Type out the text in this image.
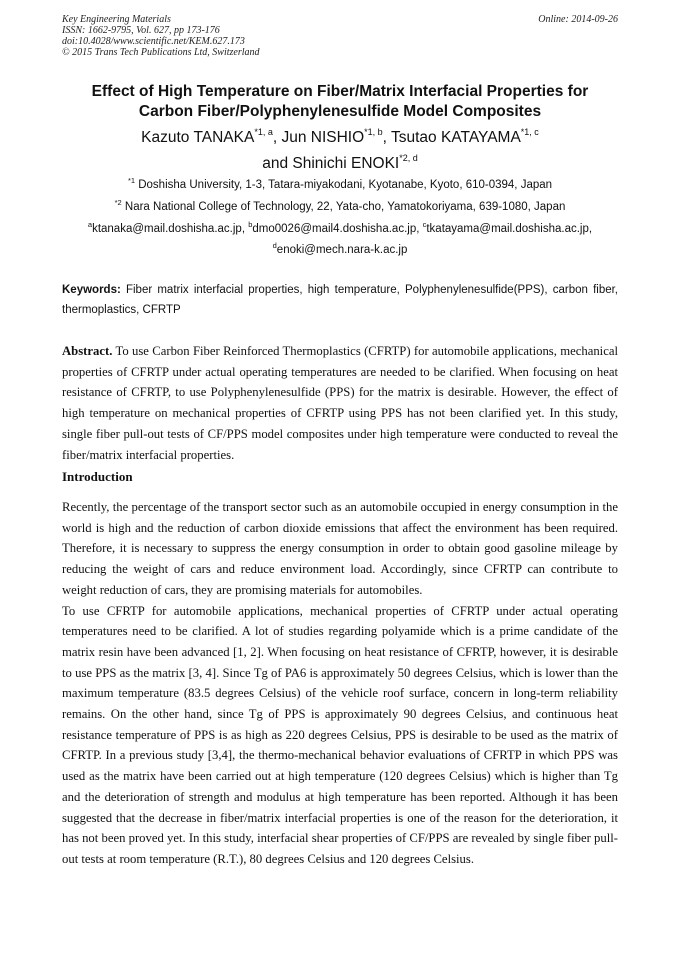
Key Engineering Materials
ISSN: 1662-9795, Vol. 627, pp 173-176
doi:10.4028/www.scientific.net/KEM.627.173
© 2015 Trans Tech Publications Ltd, Switzerland
Online: 2014-09-26
Effect of High Temperature on Fiber/Matrix Interfacial Properties for
Carbon Fiber/Polyphenylenesulfide Model Composites
Kazuto TANAKA$^{*1, a}$, Jun NISHIO$^{*1, b}$, Tsutao KATAYAMA$^{*1, c}$
and Shinichi ENOKI$^{*2, d}$
$^{*1}$ Doshisha University, 1-3, Tatara-miyakodani, Kyotanabe, Kyoto, 610-0394, Japan
$^{*2}$ Nara National College of Technology, 22, Yata-cho, Yamatokoriyama, 639-1080, Japan
$^a$ktanaka@mail.doshisha.ac.jp, $^b$dmo0026@mail4.doshisha.ac.jp, $^c$tkatayama@mail.doshisha.ac.jp,
$^d$enoki@mech.nara-k.ac.jp
Keywords: Fiber matrix interfacial properties, high temperature, Polyphenylenesulfide(PPS), carbon fiber, thermoplastics, CFRTP

Abstract. To use Carbon Fiber Reinforced Thermoplastics (CFRTP) for automobile applications, mechanical properties of CFRTP under actual operating temperatures are needed to be clarified. When focusing on heat resistance of CFRTP, to use Polyphenylenesulfide (PPS) for the matrix is desirable. However, the effect of high temperature on mechanical properties of CFRTP using PPS has not been clarified yet. In this study, single fiber pull-out tests of CF/PPS model composites under high temperature were conducted to reveal the fiber/matrix interfacial properties.

Introduction

Recently, the percentage of the transport sector such as an automobile occupied in energy consumption in the world is high and the reduction of carbon dioxide emissions that affect the environment has been required. Therefore, it is necessary to suppress the energy consumption in order to obtain good gasoline mileage by reducing the weight of cars and reduce environment load. Accordingly, since CFRTP can contribute to weight reduction of cars, they are promising materials for automobiles.

To use CFRTP for automobile applications, mechanical properties of CFRTP under actual operating temperatures need to be clarified. A lot of studies regarding polyamide which is a prime candidate of the matrix resin have been advanced [1, 2]. When focusing on heat resistance of CFRTP, however, it is desirable to use PPS as the matrix [3, 4]. Since Tg of PA6 is approximately 50 degrees Celsius, which is lower than the maximum temperature (83.5 degrees Celsius) of the vehicle roof surface, concern in long-term reliability remains. On the other hand, since Tg of PPS is approximately 90 degrees Celsius, and continuous heat resistance temperature of PPS is as high as 220 degrees Celsius, PPS is desirable to be used as the matrix of CFRTP. In a previous study [3,4], the thermo-mechanical behavior evaluations of CFRTP in which PPS was used as the matrix have been carried out at high temperature (120 degrees Celsius) which is higher than Tg and the deterioration of strength and modulus at high temperature has been reported. Although it has been suggested that the decrease in fiber/matrix interfacial properties is one of the reason for the deterioration, it has not been proved yet. In this study, interfacial shear properties of CF/PPS are revealed by single fiber pull-out tests at room temperature (R.T.), 80 degrees Celsius and 120 degrees Celsius.
